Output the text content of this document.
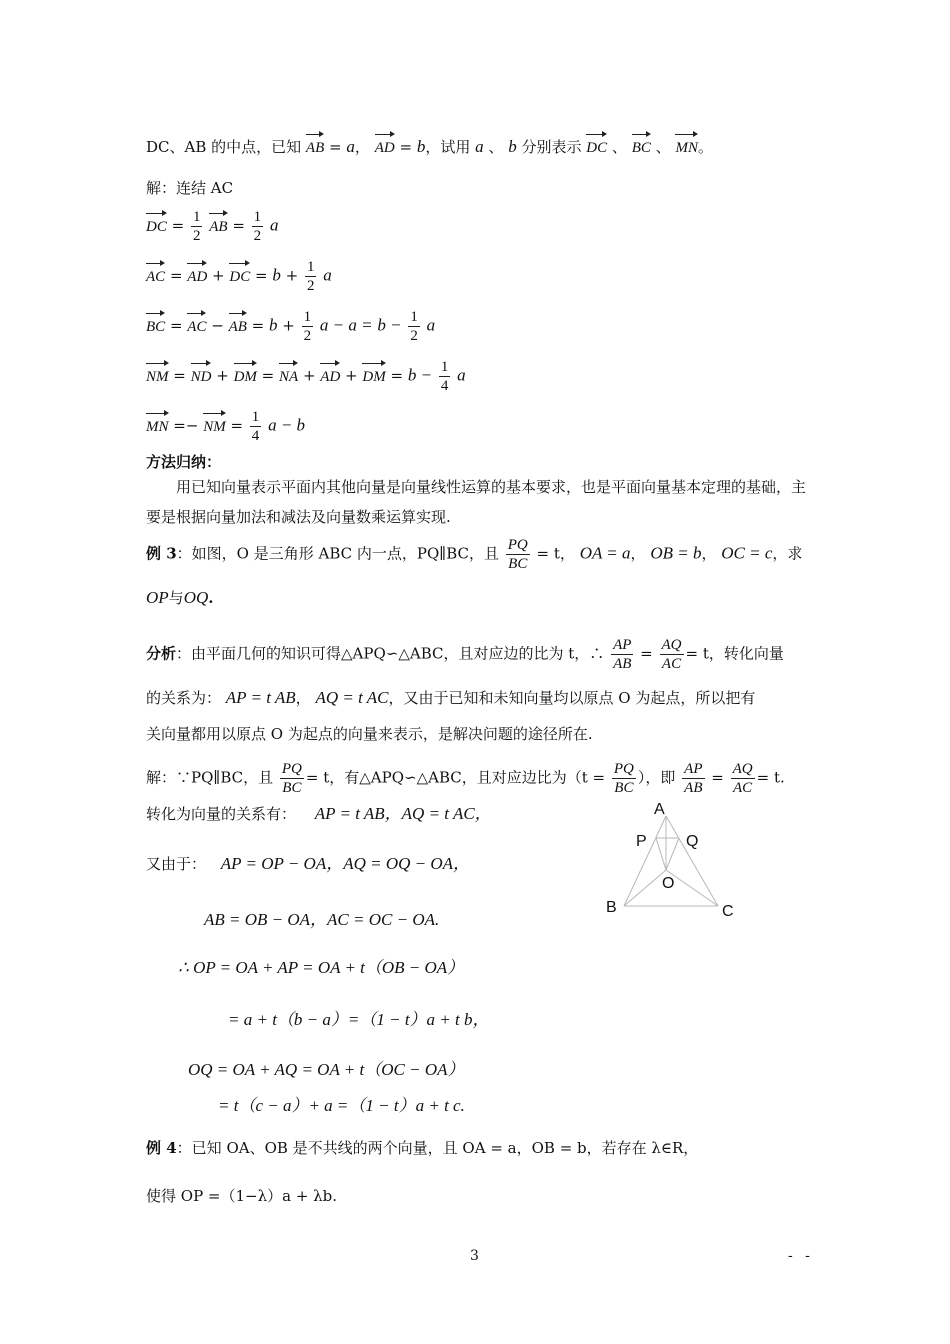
DC、AB 的中点，已知 AB = a， AD = b，试用 a 、 b 分别表示 DC 、 BC 、 MN。
解：连结 AC
DC = $\frac{1}{2}$ AB = $\frac{1}{2}$ a
AC = AD + DC = $b + \frac{1}{2}$ a
BC = AC − AB = $b + \frac{1}{2}$ $a - a = b - \frac{1}{2}$ a
NM = ND + DM = NA + AD + DM = $b - \frac{1}{4}$ a
MN =− NM = $\frac{1}{4}$ a − b
方法归纳：
用已知向量表示平面内其他向量是向量线性运算的基本要求，也是平面向量基本定理的基础，主要是根据向量加法和减法及向量数乘运算实现.
例 3：如图，O 是三角形 ABC 内一点，PQ∥BC，且 $\frac{PQ}{BC} = t$， OA = a， OB = b， OC = c，求
OP与OQ.
分析：由平面几何的知识可得△APQ∽△ABC，且对应边的比为 t，∴ $\frac{AP}{AB} = \frac{AQ}{AC} = t$，转化向量
的关系为： AP = t AB， AQ = t AC，又由于已知和未知向量均以原点 O 为起点，所以把有
关向量都用以原点 O 为起点的向量来表示，是解决问题的途径所在.
解：∵PQ∥BC，且 $\frac{PQ}{BC} = t$，有△APQ∽△ABC，且对应边比为（$t = \frac{PQ}{BC}$ ），即 $\frac{AP}{AB} = \frac{AQ}{AC} = t$.
转化为向量的关系有： AP = t AB，AQ = t AC，
又由于： AP = OP − OA，AQ = OQ − OA，
AB = OB − OA，AC = OC − OA.
∴ OP = OA + AP = OA + t（OB − OA）
= a + t（b − a）=（1 − t）a + t b，
OQ = OA + AQ = OA + t（OC − OA）
= t（c − a）+ a =（1 − t）a + t c.
A
P Q
O
B	C
例 4：已知 OA、OB 是不共线的两个向量，且 OA = a，OB = b，若存在 λ∈R，
使得 OP =（1−λ）a + λb.
3	- -
